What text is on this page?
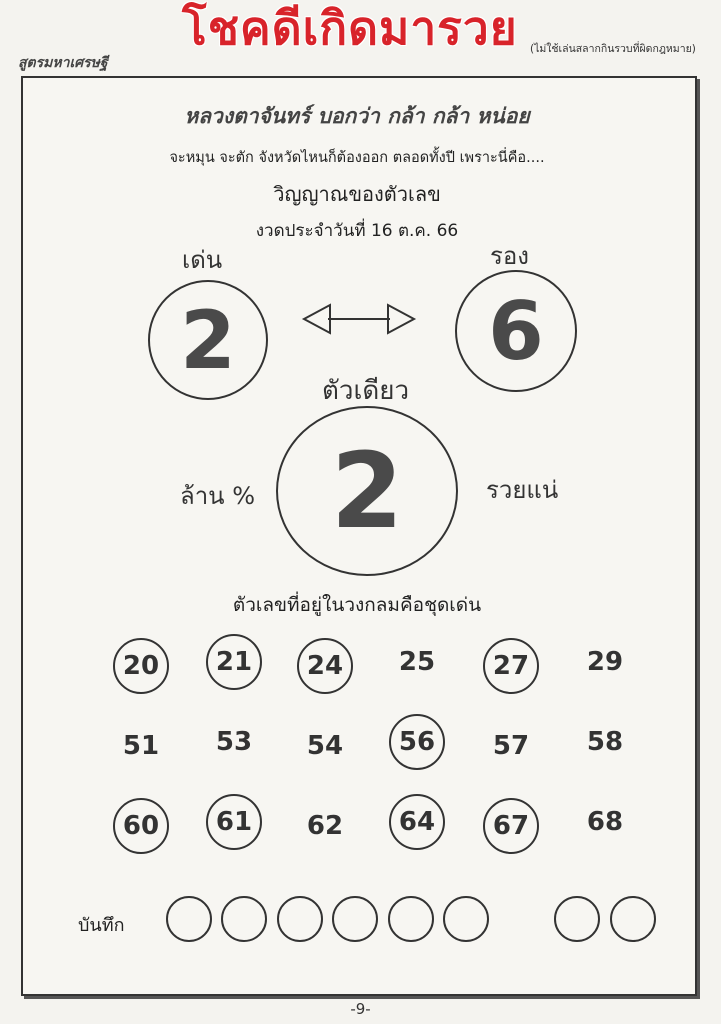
โชคดีเกิดมารวย (ไม่ใช้เล่นสลากกินรวบที่ผิดกฎหมาย)
สูตรมหาเศรษฐี
หลวงตาจันทร์ บอกว่า กล้า กล้า หน่อย
จะหมุน จะตัก จังหวัดไหนก็ต้องออก ตลอดทั้งปี เพราะนี่คือ....
วิญญาณของตัวเลข
งวดประจำวันที่ 16 ต.ค. 66
เด่น	รอง
2	6
ตัวเดียว
2
ล้าน %	รวยแน่
ตัวเลขที่อยู่ในวงกลมคือชุดเด่น
20	21	24	25	27	29
51	53	54	56	57	58
60	61	62	64	67	68
บันทึก
-9-
